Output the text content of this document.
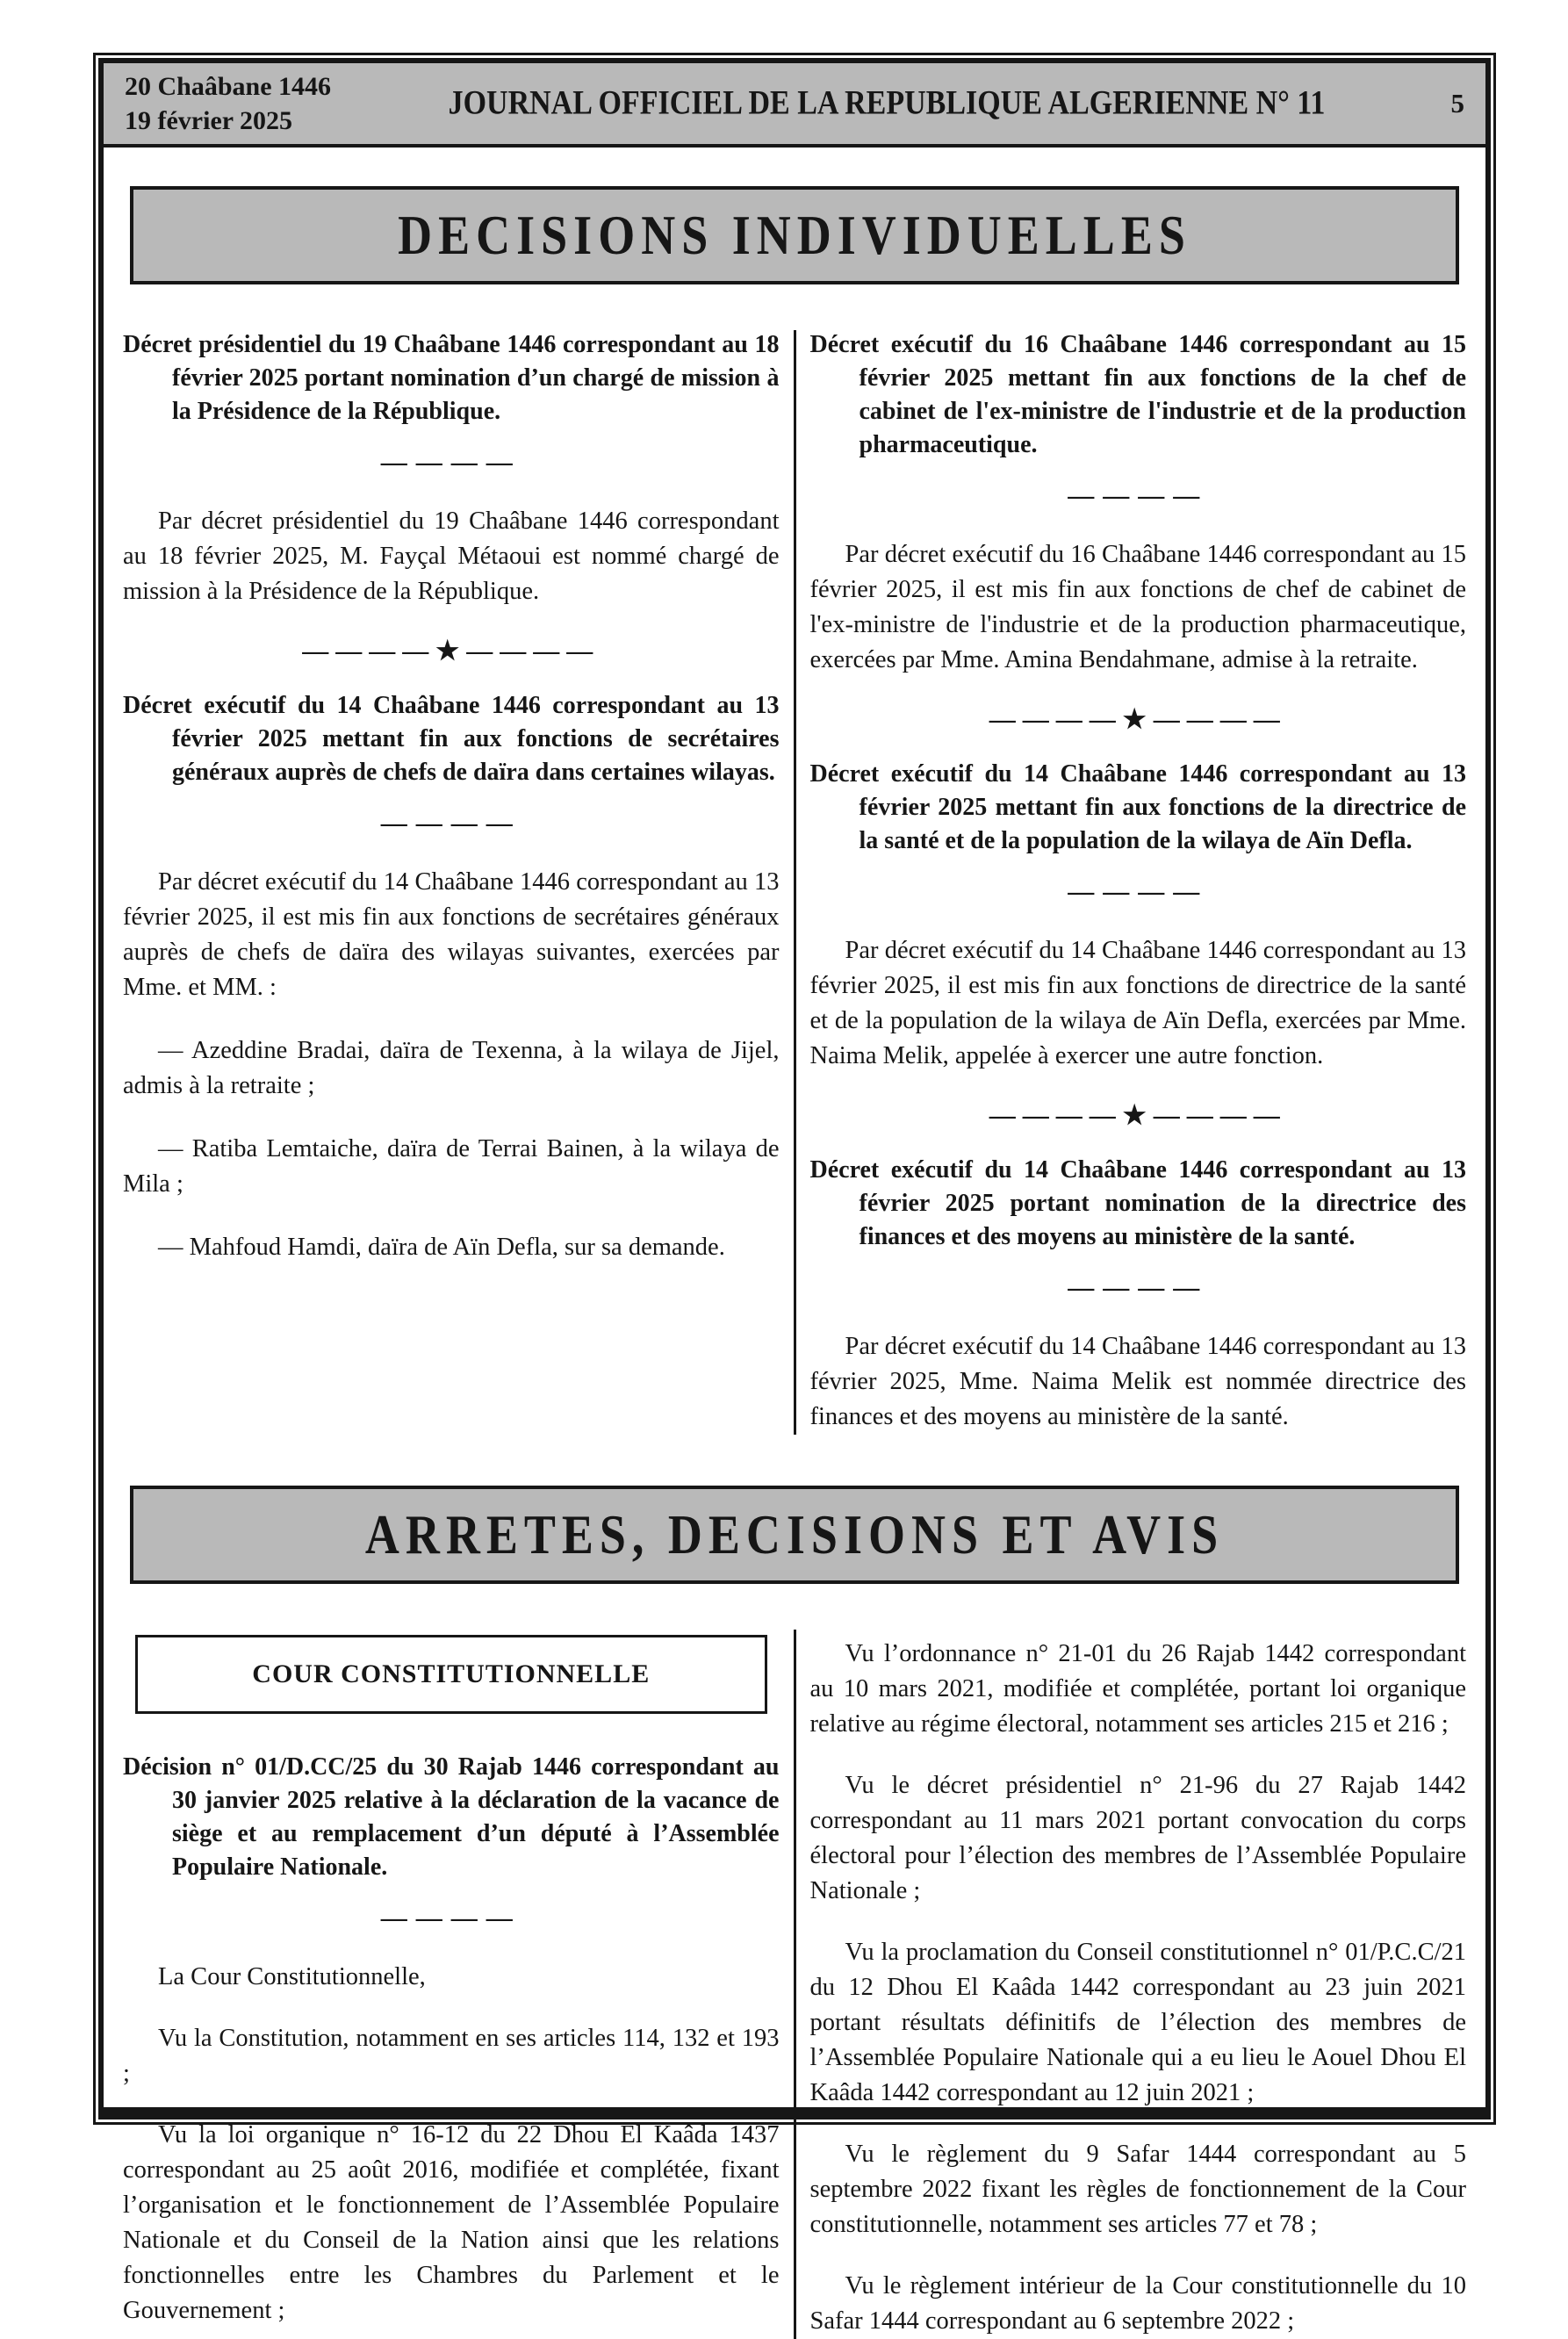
20 Chaâbane 1446
19 février 2025	JOURNAL OFFICIEL DE LA REPUBLIQUE ALGERIENNE N° 11	5
DECISIONS INDIVIDUELLES

Décret présidentiel du 19 Chaâbane 1446 correspondant au 18 février 2025 portant nomination d’un chargé de mission à la Présidence de la République.

————

Par décret présidentiel du 19 Chaâbane 1446 correspondant au 18 février 2025, M. Fayçal Métaoui est nommé chargé de mission à la Présidence de la République.

————★————

Décret exécutif du 14 Chaâbane 1446 correspondant au 13 février 2025 mettant fin aux fonctions de secrétaires généraux auprès de chefs de daïra dans certaines wilayas.

————

Par décret exécutif du 14 Chaâbane 1446 correspondant au 13 février 2025, il est mis fin aux fonctions de secrétaires généraux auprès de chefs de daïra des wilayas suivantes, exercées par Mme. et MM. :

— Azeddine Bradai, daïra de Texenna, à la wilaya de Jijel, admis à la retraite ;

— Ratiba Lemtaiche, daïra de Terrai Bainen, à la wilaya de Mila ;

— Mahfoud Hamdi, daïra de Aïn Defla, sur sa demande.

Décret exécutif du 16 Chaâbane 1446 correspondant au 15 février 2025 mettant fin aux fonctions de la chef de cabinet de l'ex-ministre de l'industrie et de la production pharmaceutique.

————

Par décret exécutif du 16 Chaâbane 1446 correspondant au 15 février 2025, il est mis fin aux fonctions de chef de cabinet de l'ex-ministre de l'industrie et de la production pharmaceutique, exercées par Mme. Amina Bendahmane, admise à la retraite.

————★————

Décret exécutif du 14 Chaâbane 1446 correspondant au 13 février 2025 mettant fin aux fonctions de la directrice de la santé et de la population de la wilaya de Aïn Defla.

————

Par décret exécutif du 14 Chaâbane 1446 correspondant au 13 février 2025, il est mis fin aux fonctions de directrice de la santé et de la population de la wilaya de Aïn Defla, exercées par Mme. Naima Melik, appelée à exercer une autre fonction.

————★————

Décret exécutif du 14 Chaâbane 1446 correspondant au 13 février 2025 portant nomination de la directrice des finances et des moyens au ministère de la santé.

————

Par décret exécutif du 14 Chaâbane 1446 correspondant au 13 février 2025, Mme. Naima Melik est nommée directrice des finances et des moyens au ministère de la santé.

ARRETES, DECISIONS ET AVIS
COUR CONSTITUTIONNELLE

Décision n° 01/D.CC/25 du 30 Rajab 1446 correspondant au 30 janvier 2025 relative à la déclaration de la vacance de siège et au remplacement d’un député à l’Assemblée Populaire Nationale.

————

La Cour Constitutionnelle,

Vu la Constitution, notamment en ses articles 114, 132 et 193 ;

Vu la loi organique n° 16-12 du 22 Dhou El Kaâda 1437 correspondant au 25 août 2016, modifiée et complétée, fixant l’organisation et le fonctionnement de l’Assemblée Populaire Nationale et du Conseil de la Nation ainsi que les relations fonctionnelles entre les Chambres du Parlement et le Gouvernement ;

Vu l’ordonnance n° 21-01 du 26 Rajab 1442 correspondant au 10 mars 2021, modifiée et complétée, portant loi organique relative au régime électoral, notamment ses articles 215 et 216 ;

Vu le décret présidentiel n° 21-96 du 27 Rajab 1442 correspondant au 11 mars 2021 portant convocation du corps électoral pour l’élection des membres de l’Assemblée Populaire Nationale ;

Vu la proclamation du Conseil constitutionnel n° 01/P.C.C/21 du 12 Dhou El Kaâda 1442 correspondant au 23 juin 2021 portant résultats définitifs de l’élection des membres de l’Assemblée Populaire Nationale qui a eu lieu le Aouel Dhou El Kaâda 1442 correspondant au 12 juin 2021 ;

Vu le règlement du 9 Safar 1444 correspondant au 5 septembre 2022 fixant les règles de fonctionnement de la Cour constitutionnelle, notamment ses articles 77 et 78 ;

Vu le règlement intérieur de la Cour constitutionnelle du 10 Safar 1444 correspondant au 6 septembre 2022 ;
